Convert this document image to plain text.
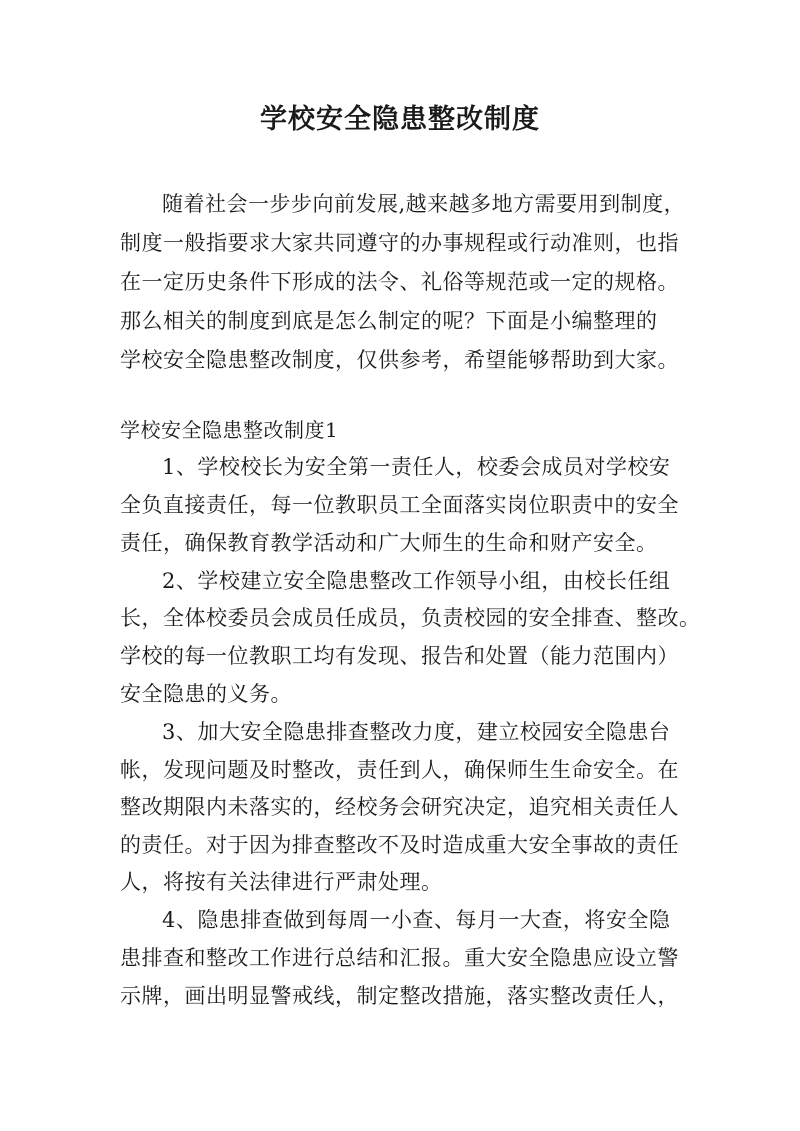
学校安全隐患整改制度
随着社会一步步向前发展,越来越多地方需要用到制度，
制度一般指要求大家共同遵守的办事规程或行动准则，也指
在一定历史条件下形成的法令、礼俗等规范或一定的规格。
那么相关的制度到底是怎么制定的呢？下面是小编整理的
学校安全隐患整改制度，仅供参考，希望能够帮助到大家。
学校安全隐患整改制度1
1、学校校长为安全第一责任人，校委会成员对学校安
全负直接责任，每一位教职员工全面落实岗位职责中的安全
责任，确保教育教学活动和广大师生的生命和财产安全。
2、学校建立安全隐患整改工作领导小组，由校长任组
长，全体校委员会成员任成员，负责校园的安全排查、整改。
学校的每一位教职工均有发现、报告和处置（能力范围内）
安全隐患的义务。
3、加大安全隐患排查整改力度，建立校园安全隐患台
帐，发现问题及时整改，责任到人，确保师生生命安全。在
整改期限内未落实的，经校务会研究决定，追究相关责任人
的责任。对于因为排查整改不及时造成重大安全事故的责任
人，将按有关法律进行严肃处理。
4、隐患排查做到每周一小查、每月一大查，将安全隐
患排查和整改工作进行总结和汇报。重大安全隐患应设立警
示牌，画出明显警戒线，制定整改措施，落实整改责任人，
